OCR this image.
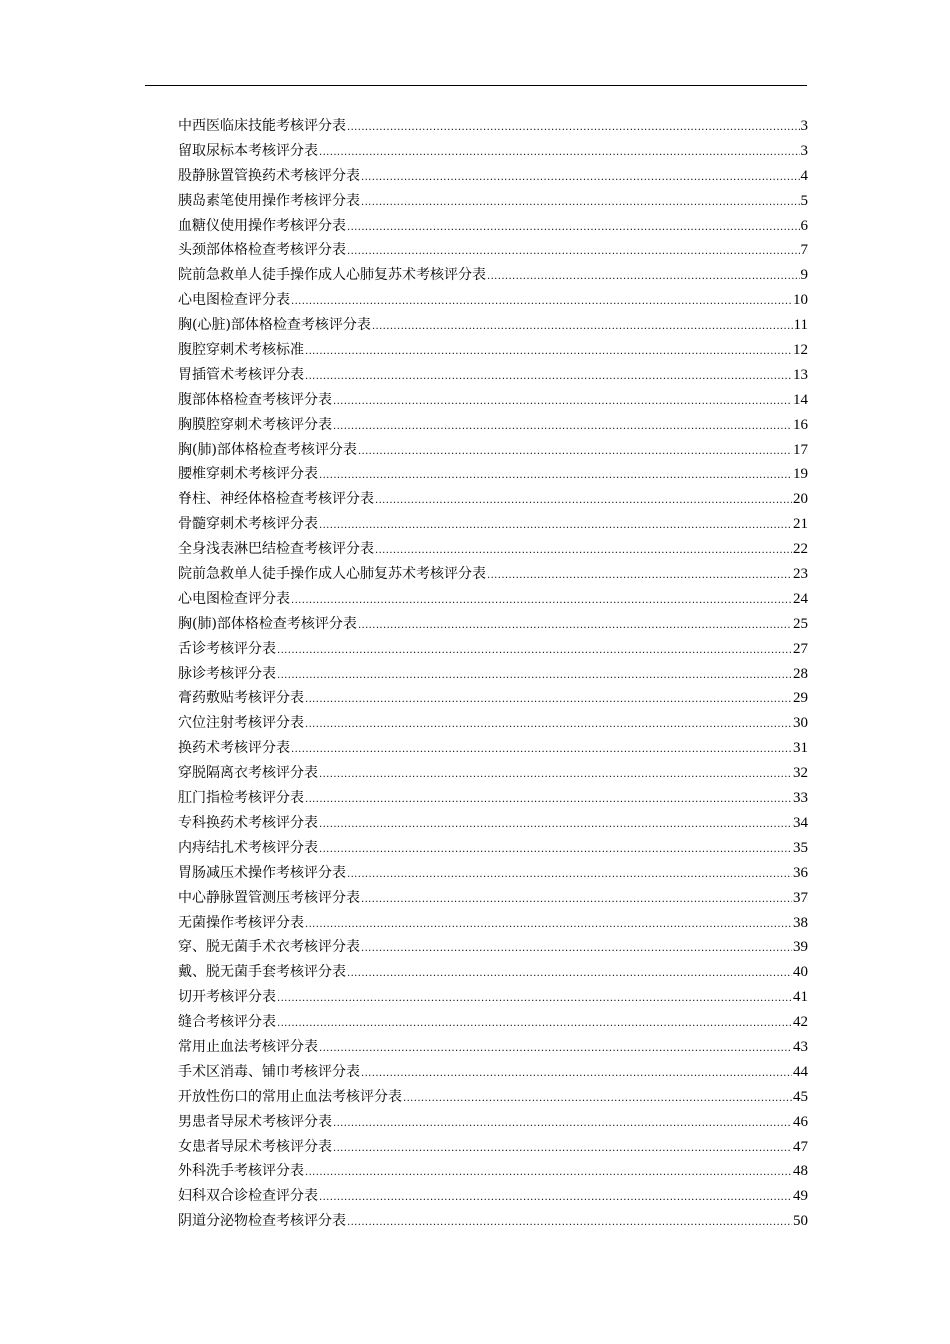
中西医临床技能考核评分表 .....	3
留取尿标本考核评分表 .....	3
股静脉置管换药术考核评分表 .....	4
胰岛素笔使用操作考核评分表 .....	5
血糖仪使用操作考核评分表 .....	6
头颈部体格检查考核评分表 .....	7
院前急救单人徒手操作成人心肺复苏术考核评分表 .....	9
心电图检查评分表 .....	10
胸(心脏)部体格检查考核评分表 .....	11
腹腔穿刺术考核标准 .....	12
胃插管术考核评分表 .....	13
腹部体格检查考核评分表 .....	14
胸膜腔穿刺术考核评分表 .....	16
胸(肺)部体格检查考核评分表 .....	17
腰椎穿刺术考核评分表 .....	19
脊柱、神经体格检查考核评分表 .....	20
骨髓穿刺术考核评分表 .....	21
全身浅表淋巴结检查考核评分表 .....	22
院前急救单人徒手操作成人心肺复苏术考核评分表 .....	23
心电图检查评分表 .....	24
胸(肺)部体格检查考核评分表 .....	25
舌诊考核评分表 .....	27
脉诊考核评分表 .....	28
膏药敷贴考核评分表 .....	29
穴位注射考核评分表 .....	30
换药术考核评分表 .....	31
穿脱隔离衣考核评分表 .....	32
肛门指检考核评分表 .....	33
专科换药术考核评分表 .....	34
内痔结扎术考核评分表 .....	35
胃肠减压术操作考核评分表 .....	36
中心静脉置管测压考核评分表 .....	37
无菌操作考核评分表 .....	38
穿、脱无菌手术衣考核评分表 .....	39
戴、脱无菌手套考核评分表 .....	40
切开考核评分表 .....	41
缝合考核评分表 .....	42
常用止血法考核评分表 .....	43
手术区消毒、铺巾考核评分表 .....	44
开放性伤口的常用止血法考核评分表 .....	45
男患者导尿术考核评分表 .....	46
女患者导尿术考核评分表 .....	47
外科洗手考核评分表 .....	48
妇科双合诊检查评分表 .....	49
阴道分泌物检查考核评分表 .....	50
